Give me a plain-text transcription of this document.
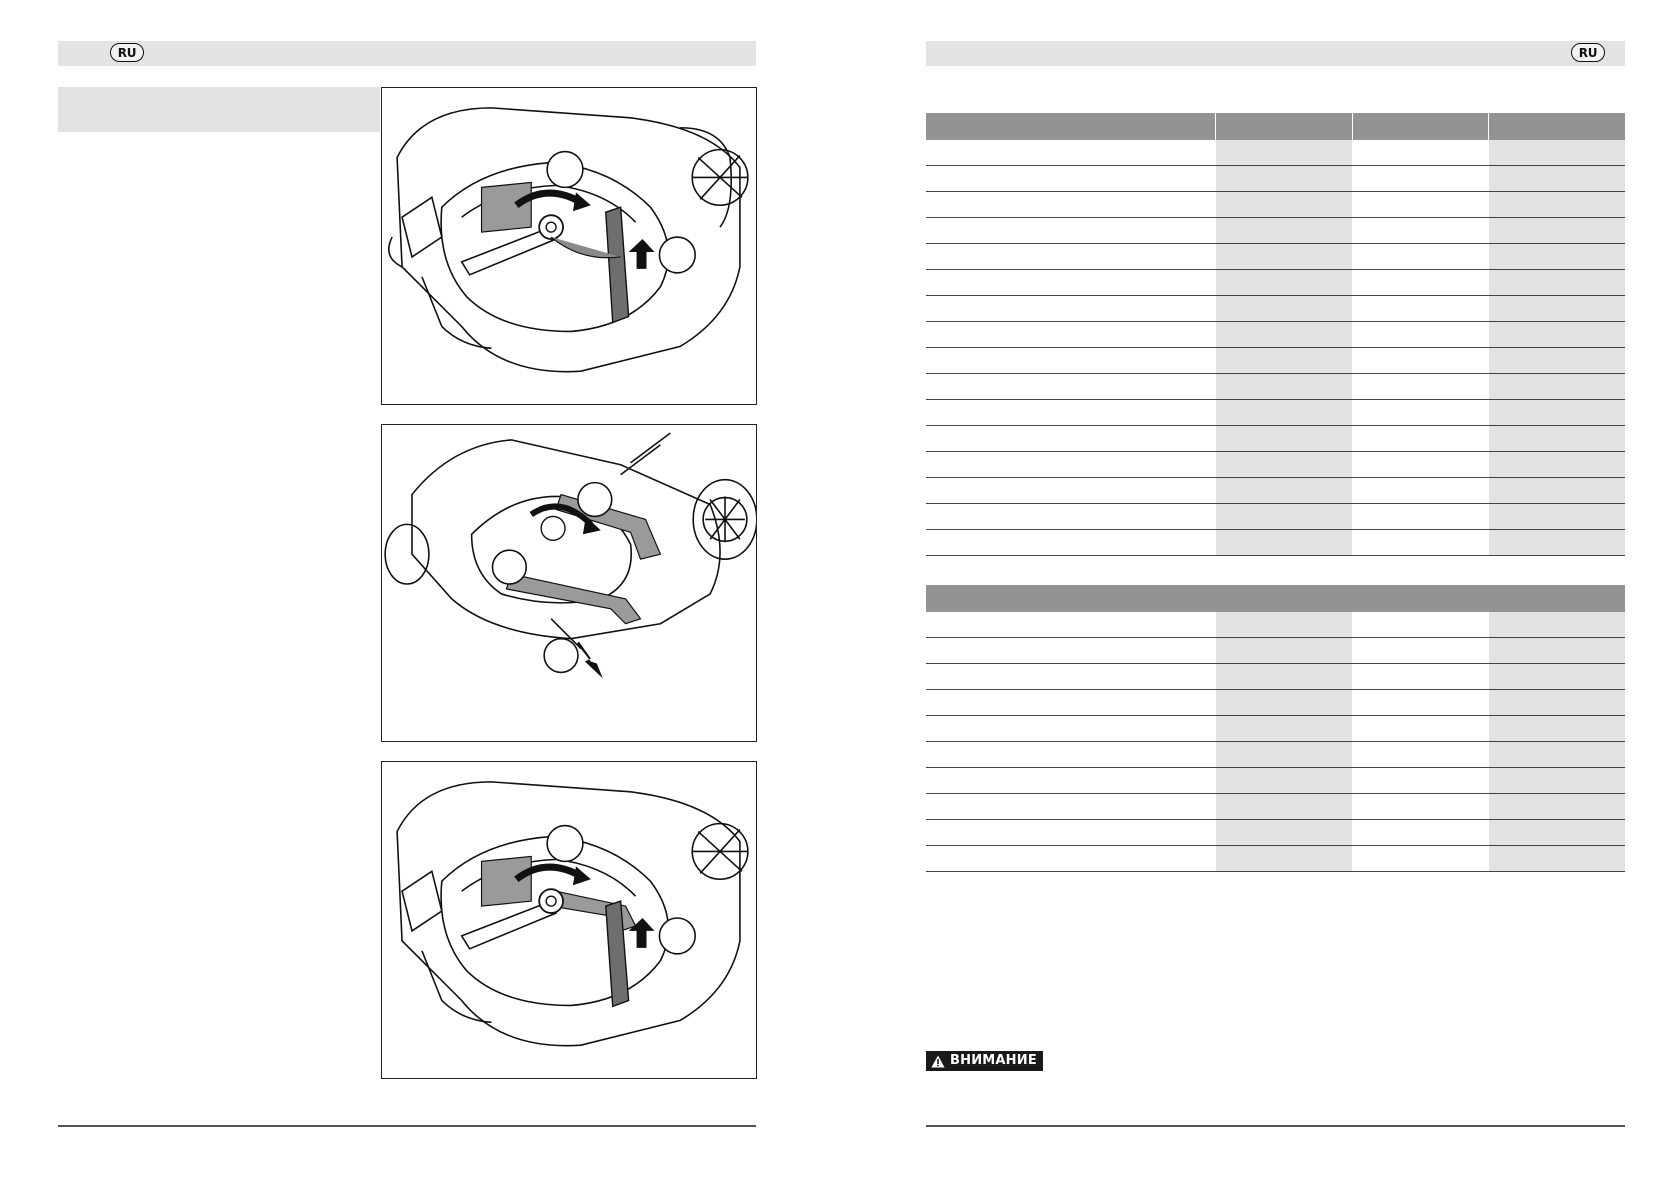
RU	RU
ВНИМАНИЕ
